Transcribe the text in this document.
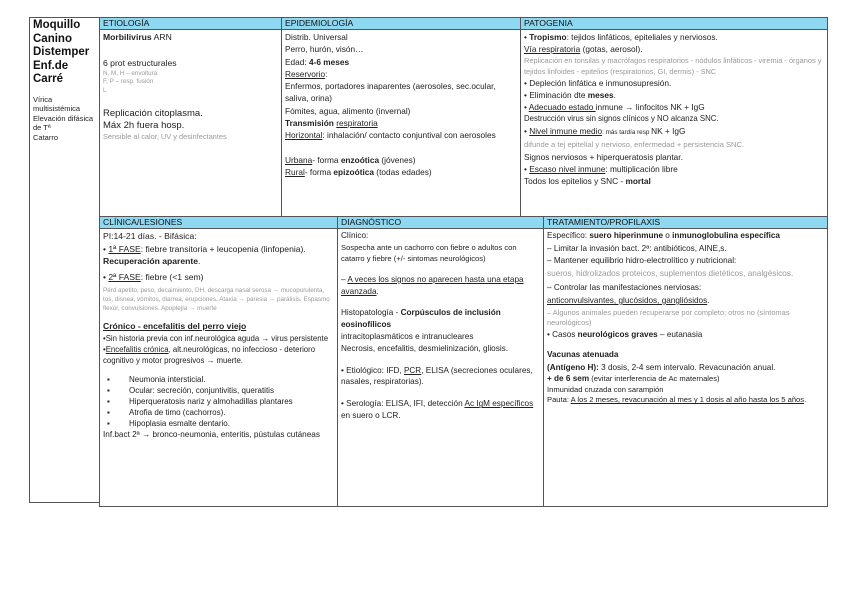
Moquillo
Canino
Distemper
Enf.de
Carré
Vírica multisistémica
Elevación difásica de Tª
Catarro
ETIOLOGÍA

Morbilivirus ARN

6 prot estructurales

N, M, H – envoltura
F, P – resp. fusión
L

Replicación citoplasma.

Máx 2h fuera hosp.

Sensible al calor, UV y desinfectantes

EPIDEMIOLOGÍA

Distrib. Universal

Perro, hurón, visón…

Edad: 4-6 meses

Reservorio:

Enfermos, portadores inaparentes (aerosoles, sec.ocular, saliva, orina)

Fómites, agua, alimento (invernal)

Transmisión respiratoria

Horizontal: inhalación/ contacto conjuntival con aerosoles

Urbana- forma enzoótica (jóvenes)

Rural- forma epizoótica (todas edades)

PATOGENIA

• Tropismo: tejidos linfáticos, epiteliales y nerviosos.

Vía respiratoria (gotas, aerosol).

Replicación en tonsilas y macrófagos respiratorios - nódulos linfáticos - viremia - órganos y tejidos linfoides - epitelios (respiratorios, GI, dermis) - SNC

• Depleción linfática e inmunosupresión.

• Eliminación dte meses.

• Adecuado estado inmune → linfocitos NK + IgG

Destrucción virus sin signos clínicos y NO alcanza SNC.

• Nivel inmune medio: más tardía resp NK + IgG

difunde a tej epitelial y nervioso, enfermedad + persistencia SNC.

Signos nerviosos + hiperqueratosis plantar.

• Escaso nivel inmune: multiplicación libre

Todos los epitelios y SNC - mortal

CLÍNICA/LESIONES

PI:14-21 días. - Bifásica:

• 1ª FASE: fiebre transitoria + leucopenia (linfopenia). Recuperación aparente.

• 2ª FASE: fiebre (<1 sem)

Pérd apetito, peso, decaimiento, DH, descarga nasal serosa → mucopurulenta, tos, disnea, vómitos, diarrea, erupciones. Ataxia → paresia → parálisis. Espasmo flexor, convulsiones. Apoplejía → muerte

Crónico - encefalitis del perro viejo

•Sin historia previa con inf.neurológica aguda → virus persistente

•Encefalitis crónica, alt.neurológicas, no infeccioso - deterioro cognitivo y motor progresivos → muerte.

▪	Neumonia intersticial.
▪	Ocular: secreción, conjuntivitis, queratitis
▪	Hiperqueratosis nariz y almohadillas plantares
▪	Atrofia de timo (cachorros).
▪	Hipoplasia esmalte dentario.

Inf.bact 2ª → bronco-neumonia, enteritis, pústulas cutáneas

DIAGNÓSTICO

Clínico:

Sospecha ante un cachorro con fiebre o adultos con catarro y fiebre (+/- sintomas neurológicos)

– A veces los signos no aparecen hasta una etapa avanzada.

Histopatología - Corpúsculos de inclusión eosinofílicos

intracitoplasmáticos e intranucleares

Necrosis, encefalitis, desmielinización, gliosis.

• Etiológico: IFD, PCR, ELISA (secreciones oculares, nasales, respiratorias).

• Serología: ELISA, IFI, detección Ac IgM específicos en suero o LCR.

TRATAMIENTO/PROFILAXIS

Específico: suero hiperinmune o inmunoglobulina específica

– Limitar la invasión bact. 2ª: antibióticos, AINE,s.

– Mantener equilibrio hidro-electrolítico y nutricional:

sueros, hidrolizados proteicos, suplementos dietéticos, analgésicos.

– Controlar las manifestaciones nerviosas:

anticonvulsivantes, glucósidos, gangliósidos.

– Algunos animales pueden recuperarse por completo; otros no (síntomas neurológicos)

• Casos neurológicos graves – eutanasia

Vacunas atenuada

(Antígeno H): 3 dosis, 2-4 sem intervalo. Revacunación anual.

+ de 6 sem (evitar interferencia de Ac maternales)

Inmunidad cruzada con sarampión

Pauta: A los 2 meses, revacunación al mes y 1 dosis al año hasta los 5 años.
